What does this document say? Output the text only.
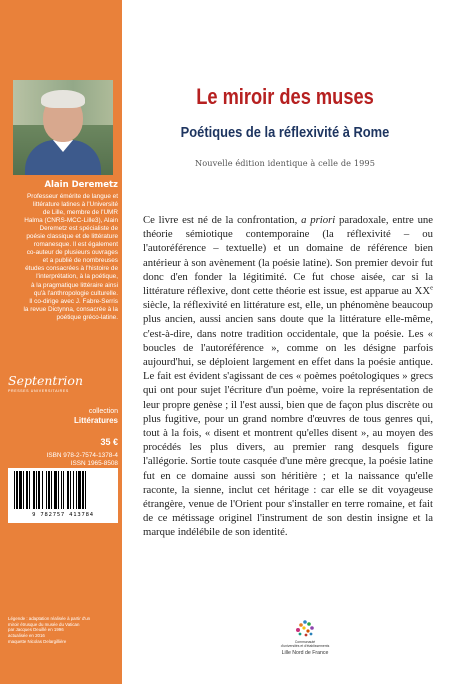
Alain Deremetz
Professeur émérite de langue et
littérature latines à l'Université
de Lille, membre de l'UMR
Halma (CNRS-MCC-Lille3), Alain
Deremetz est spécialiste de
poésie classique et de littérature
romanesque. Il est également
co-auteur de plusieurs ouvrages
et a publié de nombreuses
études consacrées à l'histoire de
l'interprétation, à la poétique,
à la pragmatique littéraire ainsi
qu'à l'anthropologie culturelle.
Il co-dirige avec J. Fabre-Serris
la revue Dictynna, consacrée à la
poétique gréco-latine.
Septentrion
PRESSES UNIVERSITAIRES
collection
Littératures
35 €
ISBN 978-2-7574-1378-4
ISSN 1965-8508
9 782757 413784
Légende : adaptation réalisée à partir d'un
miroir étrusque du musée du Vatican
par Jacques Deuillé en 1996
actualisée en 2016
maquette Nicolas Delargillière
Le miroir des muses
Poétiques de la réflexivité à Rome
Nouvelle édition identique à celle de 1995
Ce livre est né de la confrontation, a priori paradoxale, entre une théorie sémiotique contemporaine (la réflexivité – ou l'autoréférence – textuelle) et un domaine de référence bien antérieur à son avènement (la poésie latine). Son premier devoir fut donc d'en fonder la légitimité. Ce fut chose aisée, car si la littérature réflexive, dont cette théorie est issue, est apparue au XXe siècle, la réflexivité en littérature est, elle, un phénomène beaucoup plus ancien, aussi ancien sans doute que la littérature elle-même, c'est-à-dire, dans notre tradition occidentale, que la poésie. Les « boucles de l'autoréférence », comme on les désigne parfois aujourd'hui, se déploient largement en effet dans la poésie antique. Le fait est évident s'agissant de ces « poèmes poétologiques » grecs qui ont pour sujet l'écriture d'un poème, voire la représentation de leur propre genèse ; il l'est aussi, bien que de façon plus discrète ou plus fugitive, pour un grand nombre d'œuvres de tous genres qui, tout à la fois, « disent et montrent qu'elles disent », au moyen des procédés les plus divers, au premier rang desquels figure l'allégorie. Sortie toute casquée d'une mère grecque, la poésie latine fut en ce domaine aussi son héritière ; et la naissance qu'elle raconte, la sienne, inclut cet héritage : car elle se dit voyageuse étrangère, venue de l'Orient pour s'installer en terre romaine, et fait de ce métissage originel l'instrument de son destin insigne et la marque indélébile de son identité.
Communauté
d'universités et d'établissements
Lille Nord de France
